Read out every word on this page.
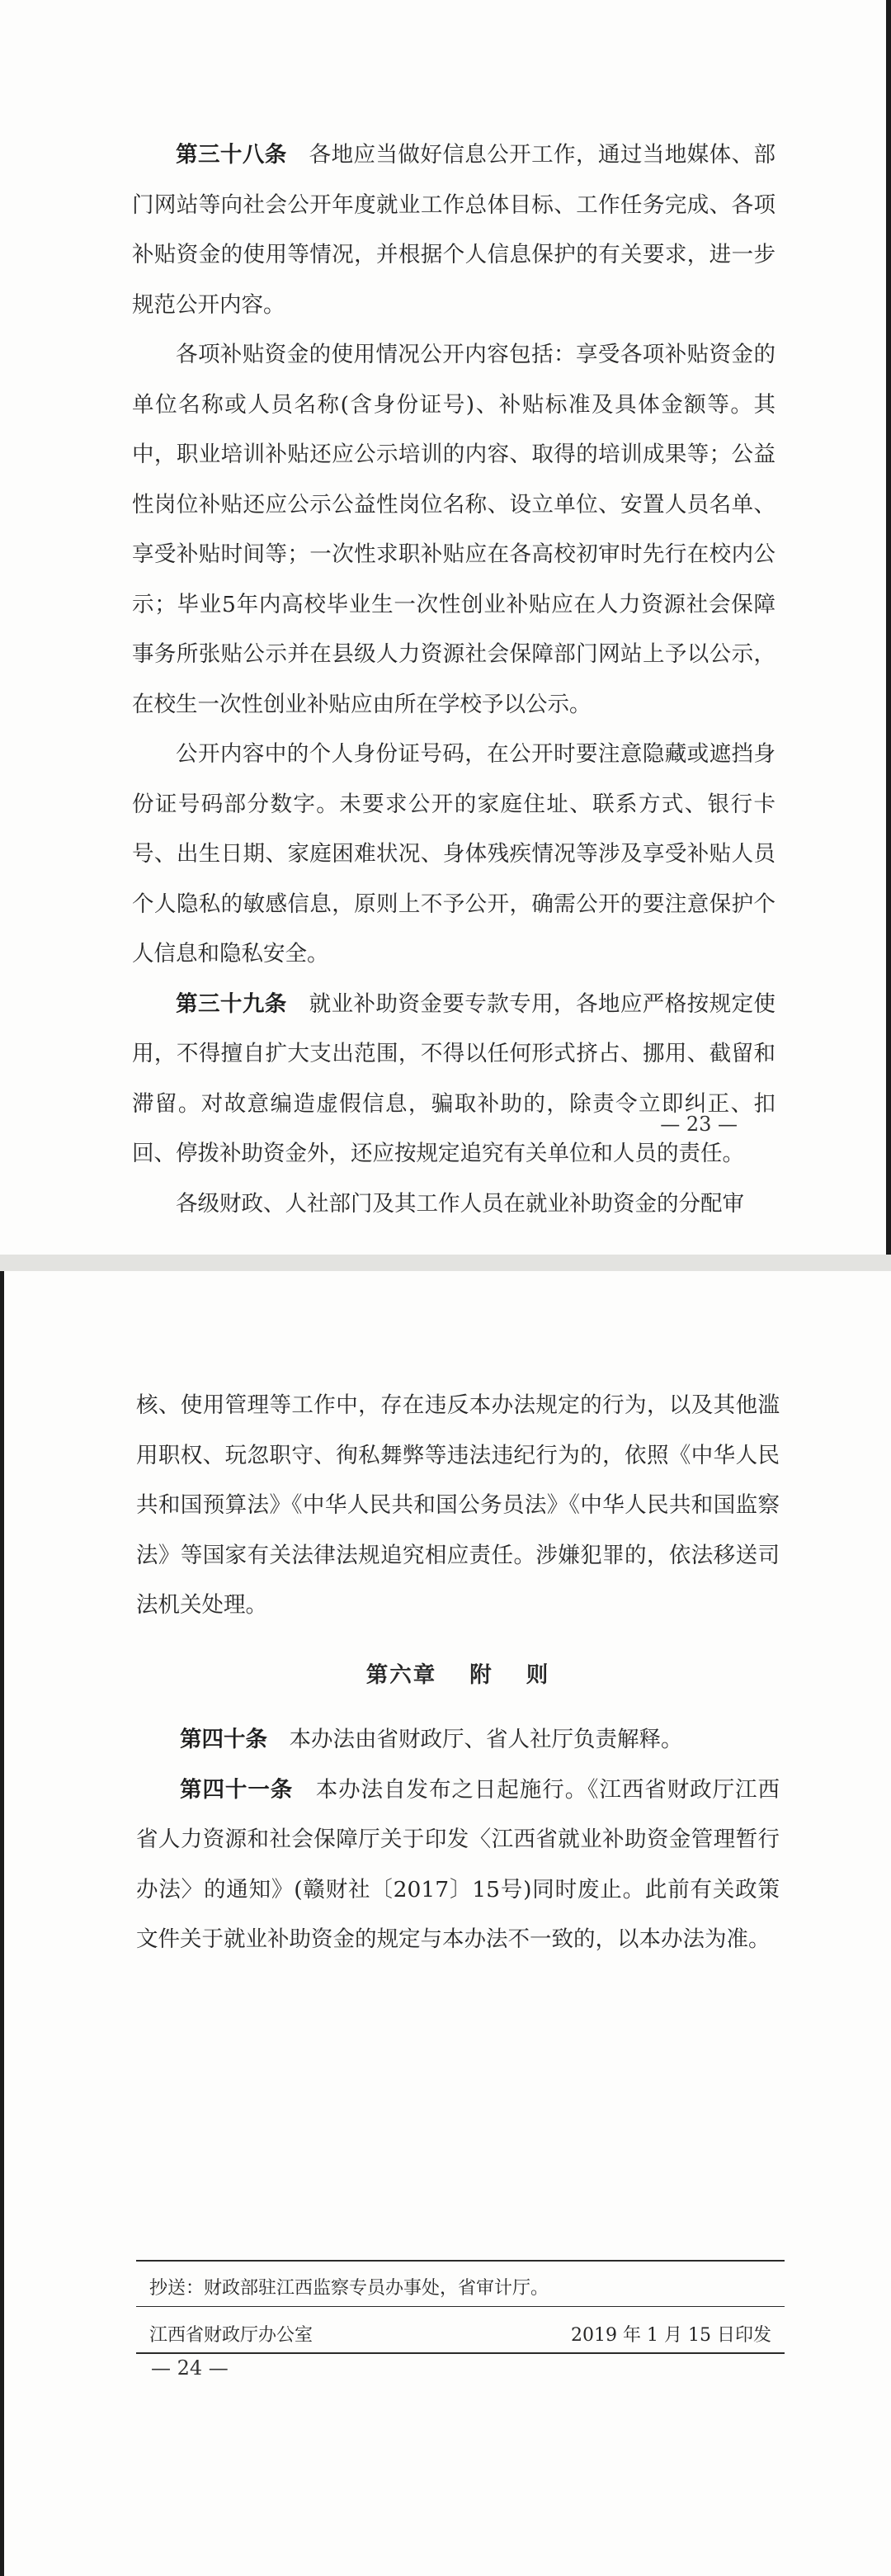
第三十八条  各地应当做好信息公开工作，通过当地媒体、部门网站等向社会公开年度就业工作总体目标、工作任务完成、各项补贴资金的使用等情况，并根据个人信息保护的有关要求，进一步规范公开内容。

各项补贴资金的使用情况公开内容包括：享受各项补贴资金的单位名称或人员名称(含身份证号)、补贴标准及具体金额等。其中，职业培训补贴还应公示培训的内容、取得的培训成果等；公益性岗位补贴还应公示公益性岗位名称、设立单位、安置人员名单、享受补贴时间等；一次性求职补贴应在各高校初审时先行在校内公示；毕业5年内高校毕业生一次性创业补贴应在人力资源社会保障事务所张贴公示并在县级人力资源社会保障部门网站上予以公示，在校生一次性创业补贴应由所在学校予以公示。

公开内容中的个人身份证号码，在公开时要注意隐藏或遮挡身份证号码部分数字。未要求公开的家庭住址、联系方式、银行卡号、出生日期、家庭困难状况、身体残疾情况等涉及享受补贴人员个人隐私的敏感信息，原则上不予公开，确需公开的要注意保护个人信息和隐私安全。

第三十九条  就业补助资金要专款专用，各地应严格按规定使用，不得擅自扩大支出范围，不得以任何形式挤占、挪用、截留和滞留。对故意编造虚假信息，骗取补助的，除责令立即纠正、扣回、停拨补助资金外，还应按规定追究有关单位和人员的责任。

各级财政、人社部门及其工作人员在就业补助资金的分配审

— 23 —

核、使用管理等工作中，存在违反本办法规定的行为，以及其他滥用职权、玩忽职守、徇私舞弊等违法违纪行为的，依照《中华人民共和国预算法》《中华人民共和国公务员法》《中华人民共和国监察法》等国家有关法律法规追究相应责任。涉嫌犯罪的，依法移送司法机关处理。

第六章 附 则

第四十条  本办法由省财政厅、省人社厅负责解释。

第四十一条  本办法自发布之日起施行。《江西省财政厅江西省人力资源和社会保障厅关于印发〈江西省就业补助资金管理暂行办法〉的通知》(赣财社〔2017〕15号)同时废止。此前有关政策文件关于就业补助资金的规定与本办法不一致的，以本办法为准。

抄送：财政部驻江西监察专员办事处，省审计厅。
江西省财政厅办公室	2019 年 1 月 15 日印发
— 24 —
